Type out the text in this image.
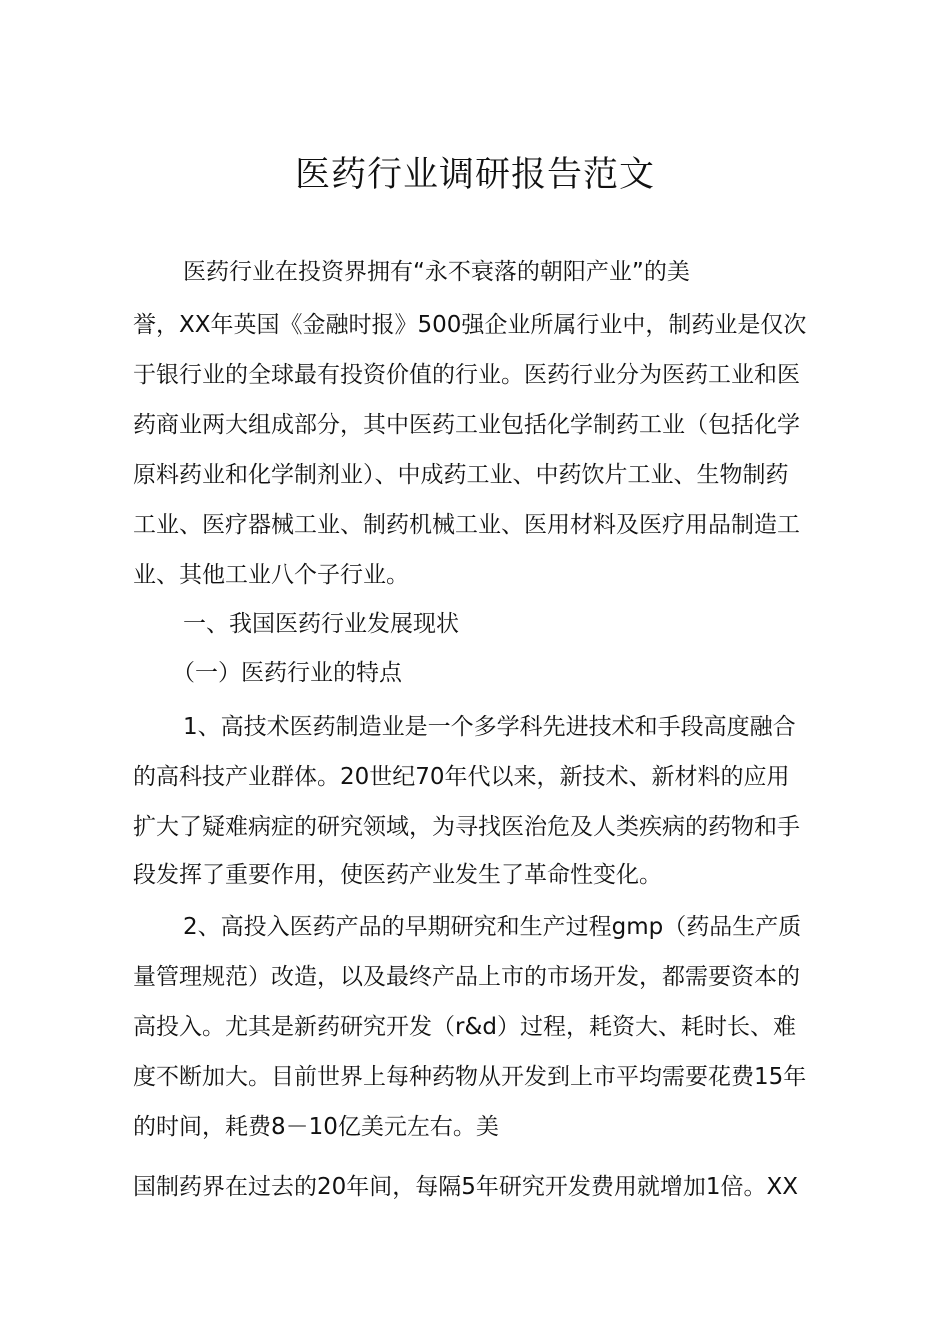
医药行业调研报告范文

医药行业在投资界拥有“永不衰落的朝阳产业”的美

誉，XX年英国《金融时报》500强企业所属行业中，制药业是仅次

于银行业的全球最有投资价值的行业。医药行业分为医药工业和医

药商业两大组成部分，其中医药工业包括化学制药工业（包括化学

原料药业和化学制剂业）、中成药工业、中药饮片工业、生物制药

工业、医疗器械工业、制药机械工业、医用材料及医疗用品制造工

业、其他工业八个子行业。

一、我国医药行业发展现状

（一）医药行业的特点

1、高技术医药制造业是一个多学科先进技术和手段高度融合

的高科技产业群体。20世纪70年代以来，新技术、新材料的应用

扩大了疑难病症的研究领域，为寻找医治危及人类疾病的药物和手

段发挥了重要作用，使医药产业发生了革命性变化。

2、高投入医药产品的早期研究和生产过程gmp（药品生产质

量管理规范）改造，以及最终产品上市的市场开发，都需要资本的

高投入。尤其是新药研究开发（r&d）过程，耗资大、耗时长、难

度不断加大。目前世界上每种药物从开发到上市平均需要花费15年

的时间，耗费8－10亿美元左右。美

国制药界在过去的20年间，每隔5年研究开发费用就增加1倍。XX
